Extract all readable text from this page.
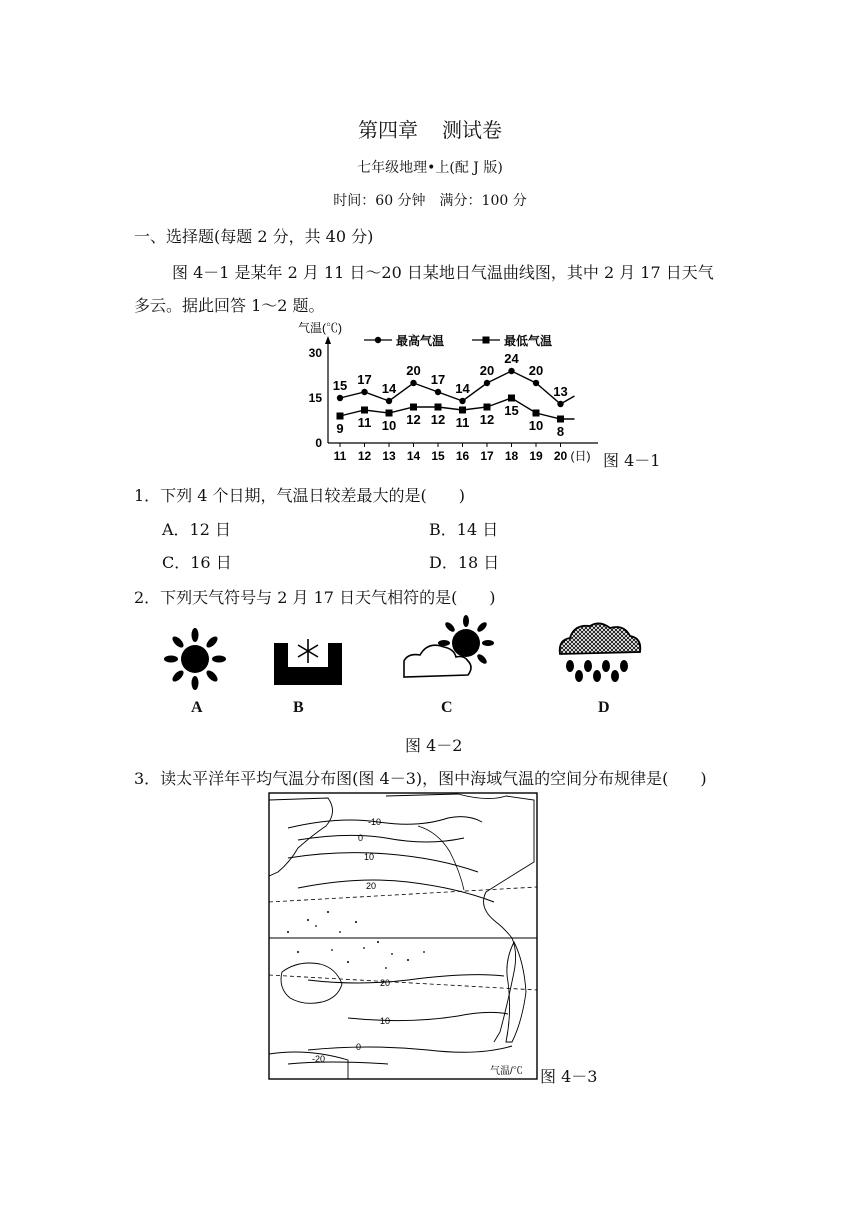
第四章 测试卷
七年级地理•上(配 J 版)
时间：60 分钟　满分：100 分
一、选择题(每题 2 分，共 40 分)
图 4－1 是某年 2 月 11 日～20 日某地日气温曲线图，其中 2 月 17 日天气
多云。据此回答 1～2 题。
0
15
30
气温(℃)
11 12 13 14 15 16 17 18 19 20 (日)
最高气温	最低气温
15 17
14
20
17
14
20
24
20
13
9 11 10 12 12 11 12
15
10 8
图 4－1
1．下列 4 个日期，气温日较差最大的是(　　)
A．12 日	B．14 日
C．16 日	D．18 日
2．下列天气符号与 2 月 17 日天气相符的是(　　)
A	B	C	D
图 4－2
3．读太平洋年平均气温分布图(图 4－3)，图中海域气温的空间分布规律是(　　)
-10
0
10
20
20
10
0
-20
气温/℃ 图 4－3
